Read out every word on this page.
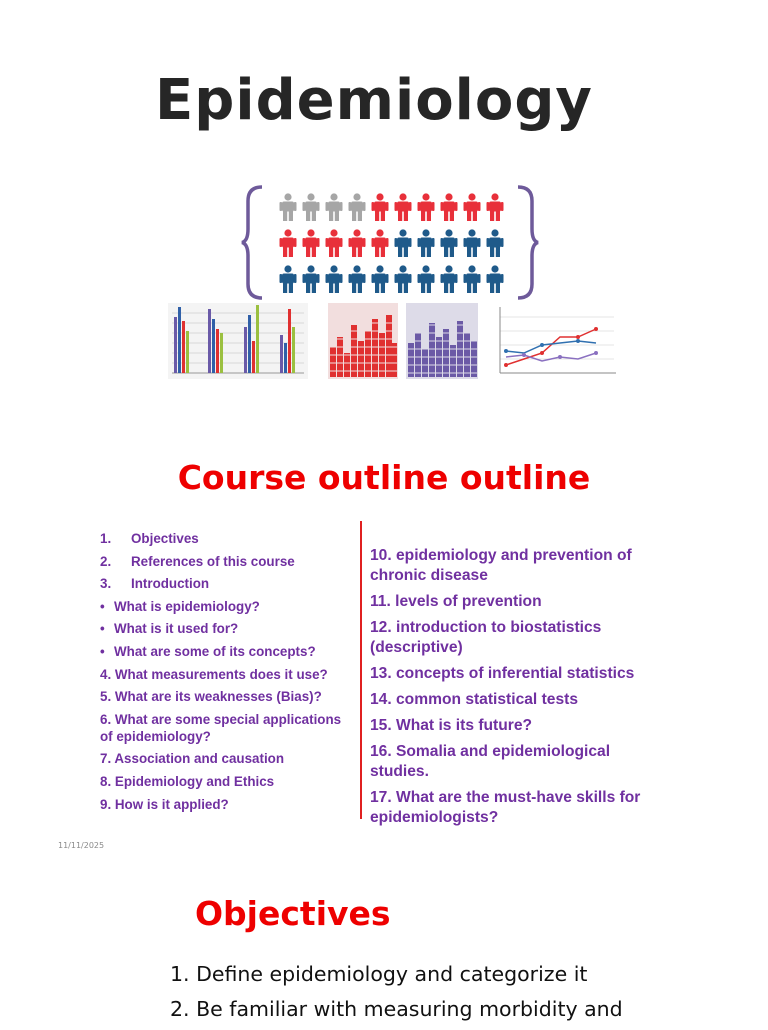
Epidemiology
Course outline outline
1.	Objectives
2.	References of this course
3.	Introduction
• What is epidemiology?
• What is it used for?
• What are some of its concepts?
4. What measurements does it use?
5. What are its weaknesses (Bias)?
6. What are some special applications of epidemiology?
7. Association and causation
8. Epidemiology and Ethics
9. How is it applied?
10. epidemiology and prevention of chronic disease
11. levels of prevention
12. introduction to biostatistics (descriptive)
13. concepts of inferential statistics
14. common statistical tests
15. What is its future?
16. Somalia and epidemiological studies.
17. What are the must-have skills for epidemiologists?
11/11/2025
Objectives
1. Define epidemiology and categorize it
2. Be familiar with measuring morbidity and
